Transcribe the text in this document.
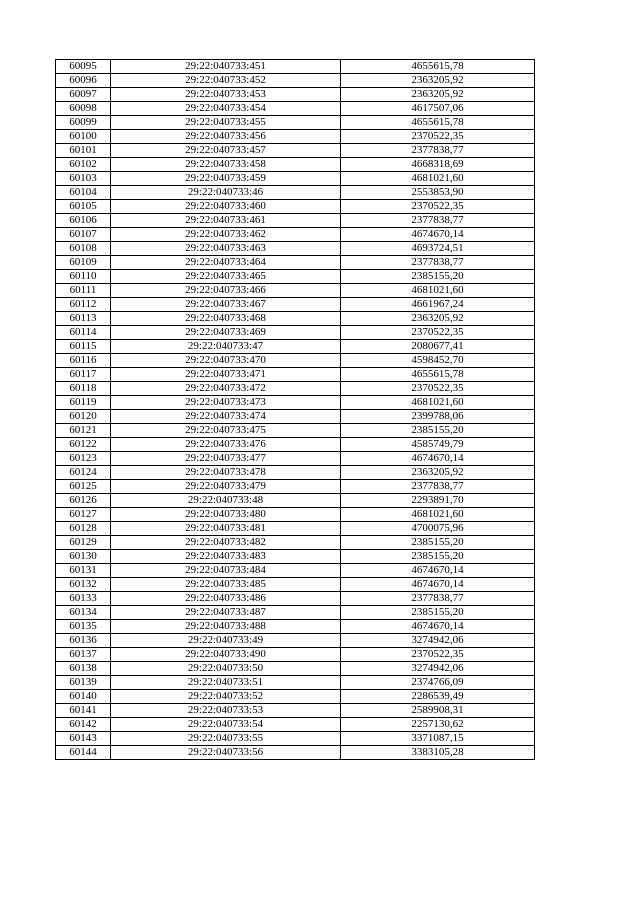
60095	29:22:040733:451	4655615,78
60096	29:22:040733:452	2363205,92
60097	29:22:040733:453	2363205,92
60098	29:22:040733:454	4617507,06
60099	29:22:040733:455	4655615,78
60100	29:22:040733:456	2370522,35
60101	29:22:040733:457	2377838,77
60102	29:22:040733:458	4668318,69
60103	29:22:040733:459	4681021,60
60104	29:22:040733:46	2553853,90
60105	29:22:040733:460	2370522,35
60106	29:22:040733:461	2377838,77
60107	29:22:040733:462	4674670,14
60108	29:22:040733:463	4693724,51
60109	29:22:040733:464	2377838,77
60110	29:22:040733:465	2385155,20
60111	29:22:040733:466	4681021,60
60112	29:22:040733:467	4661967,24
60113	29:22:040733:468	2363205,92
60114	29:22:040733:469	2370522,35
60115	29:22:040733:47	2080677,41
60116	29:22:040733:470	4598452,70
60117	29:22:040733:471	4655615,78
60118	29:22:040733:472	2370522,35
60119	29:22:040733:473	4681021,60
60120	29:22:040733:474	2399788,06
60121	29:22:040733:475	2385155,20
60122	29:22:040733:476	4585749,79
60123	29:22:040733:477	4674670,14
60124	29:22:040733:478	2363205,92
60125	29:22:040733:479	2377838,77
60126	29:22:040733:48	2293891,70
60127	29:22:040733:480	4681021,60
60128	29:22:040733:481	4700075,96
60129	29:22:040733:482	2385155,20
60130	29:22:040733:483	2385155,20
60131	29:22:040733:484	4674670,14
60132	29:22:040733:485	4674670,14
60133	29:22:040733:486	2377838,77
60134	29:22:040733:487	2385155,20
60135	29:22:040733:488	4674670,14
60136	29:22:040733:49	3274942,06
60137	29:22:040733:490	2370522,35
60138	29:22:040733:50	3274942,06
60139	29:22:040733:51	2374766,09
60140	29:22:040733:52	2286539,49
60141	29:22:040733:53	2589908,31
60142	29:22:040733:54	2257130,62
60143	29:22:040733:55	3371087,15
60144	29:22:040733:56	3383105,28
